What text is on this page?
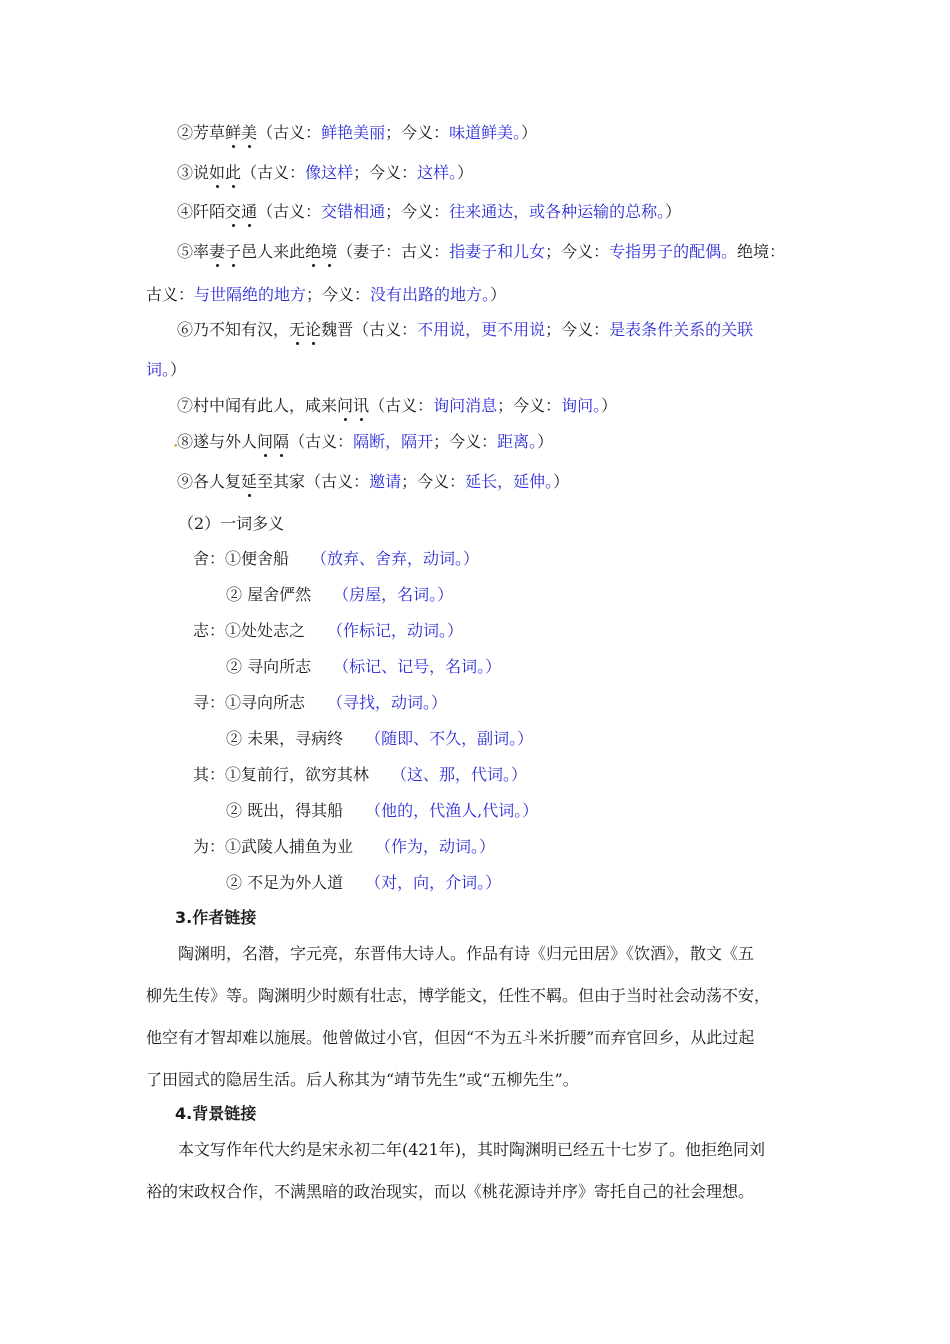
②芳草鲜美（古义：鲜艳美丽；今义：味道鲜美。）
③说如此（古义：像这样；今义：这样。）
④阡陌交通（古义：交错相通；今义：往来通达，或各种运输的总称。）
⑥乃不知有汉，无论魏晋（古义：不用说，更不用说；今义：是表条件关系的关联
词。）
⑦村中闻有此人，咸来问讯（古义：询问消息；今义：询问。）
⑧遂与外人间隔（古义：隔断，隔开；今义：距离。）
⑨各人复延至其家（古义：邀请；今义：延长，延伸。）
⑤率妻子邑人来此绝境（妻子：古义：指妻子和儿女；今义：专指男子的配偶。绝境：
古义：与世隔绝的地方；今义：没有出路的地方。）
（2）一词多义
舍：①便舍船 （放弃、舍弃，动词。）
② 屋舍俨然 （房屋，名词。）
志：①处处志之 （作标记，动词。）
② 寻向所志 （标记、记号，名词。）
寻：①寻向所志 （寻找，动词。）
② 未果，寻病终 （随即、不久，副词。）
其：①复前行，欲穷其林 （这、那，代词。）
② 既出，得其船 （他的，代渔人,代词。）
为：①武陵人捕鱼为业 （作为，动词。）
② 不足为外人道 （对，向，介词。）
3.作者链接
陶渊明，名潜，字元亮，东晋伟大诗人。作品有诗《归元田居》《饮酒》，散文《五
柳先生传》等。陶渊明少时颇有壮志，博学能文，任性不羁。但由于当时社会动荡不安，
他空有才智却难以施展。他曾做过小官，但因“不为五斗米折腰”而弃官回乡，从此过起
了田园式的隐居生活。后人称其为“靖节先生”或“五柳先生”。
4.背景链接
本文写作年代大约是宋永初二年(421年)，其时陶渊明已经五十七岁了。他拒绝同刘
裕的宋政权合作，不满黑暗的政治现实，而以《桃花源诗并序》寄托自己的社会理想。
•
